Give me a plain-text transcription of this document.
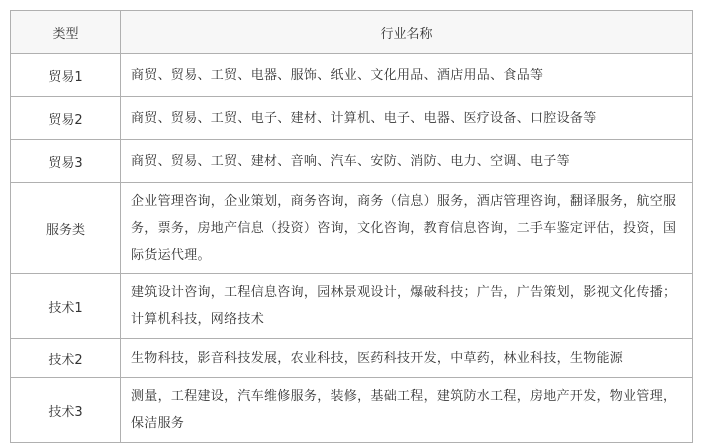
类型	行业名称
贸易1	商贸、贸易、工贸、电器、服饰、纸业、文化用品、酒店用品、食品等
贸易2	商贸、贸易、工贸、电子、建材、计算机、电子、电器、医疗设备、口腔设备等
贸易3	商贸、贸易、工贸、建材、音响、汽车、安防、消防、电力、空调、电子等
服务类	企业管理咨询，企业策划，商务咨询，商务（信息）服务，酒店管理咨询，翻译服务，航空服务，票务，房地产信息（投资）咨询，文化咨询，教育信息咨询，二手车鉴定评估，投资，国际货运代理。
技术1	建筑设计咨询，工程信息咨询，园林景观设计，爆破科技；广告，广告策划，影视文化传播；计算机科技，网络技术
技术2	生物科技，影音科技发展，农业科技，医药科技开发，中草药，林业科技，生物能源
技术3	测量，工程建设，汽车维修服务，装修，基础工程，建筑防水工程，房地产开发，物业管理，保洁服务
